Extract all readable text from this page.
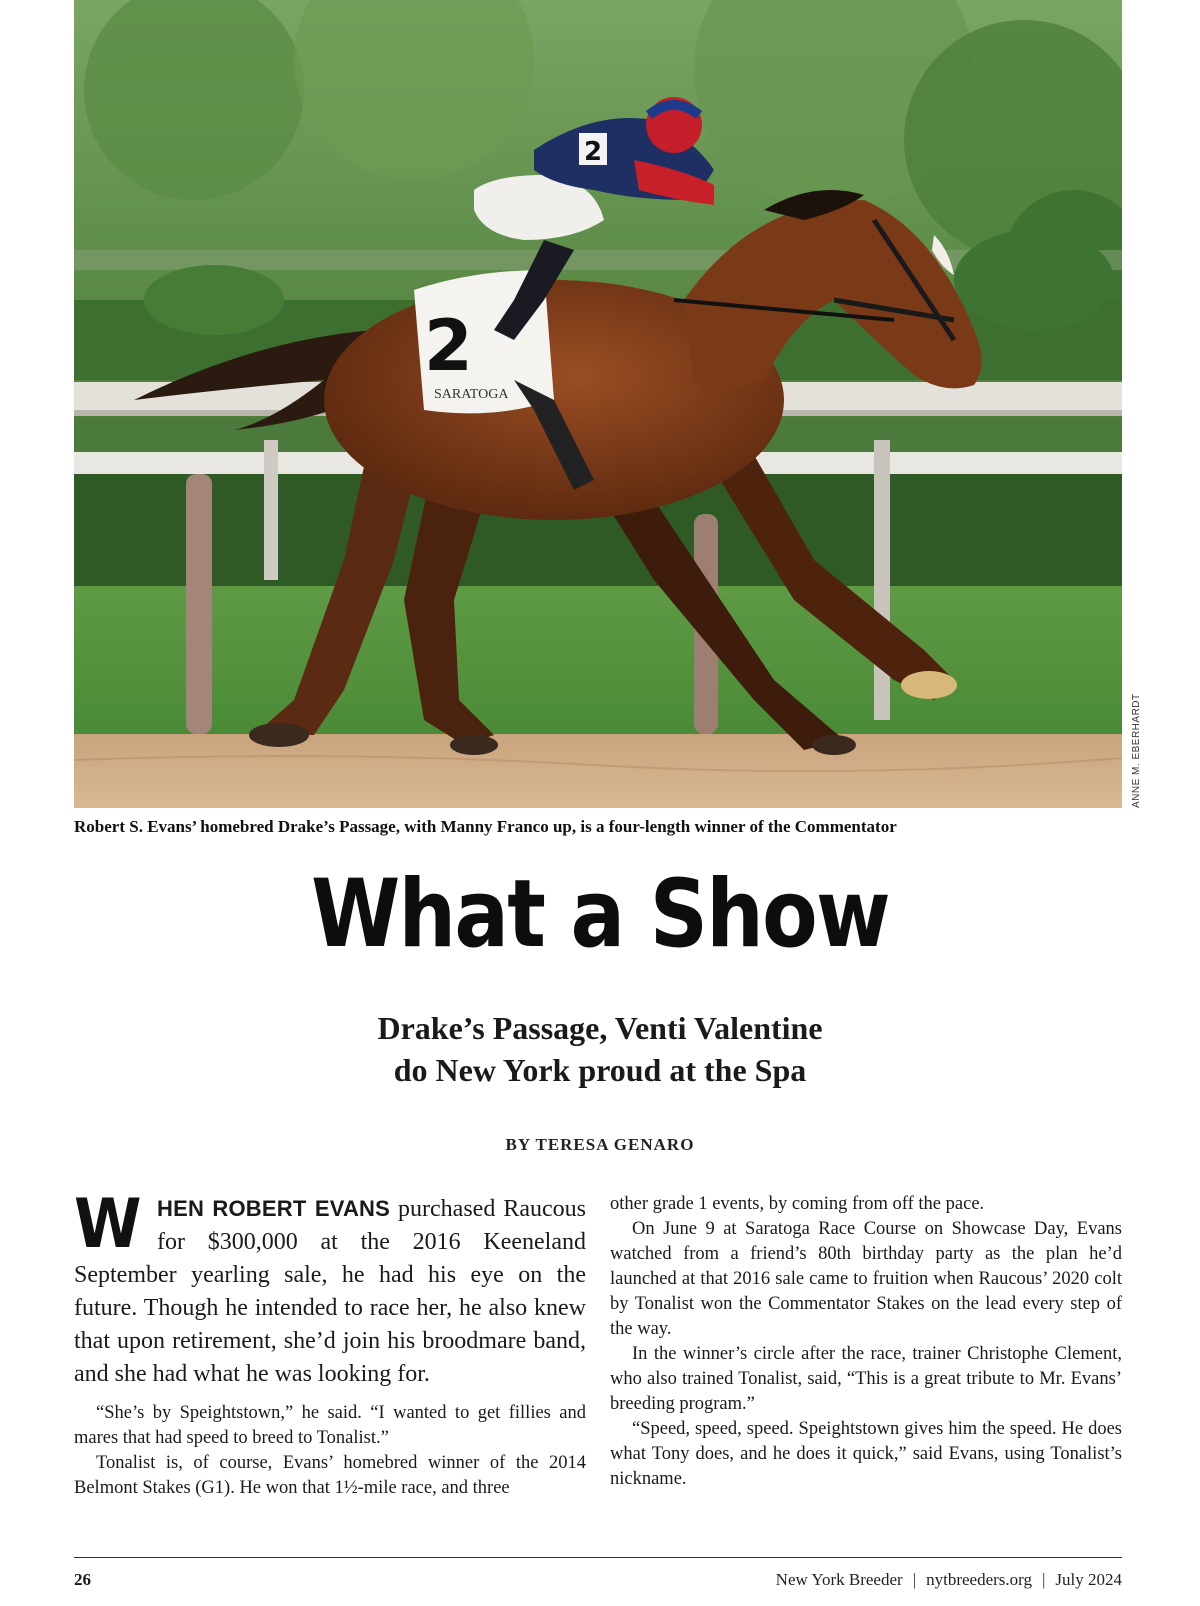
2
SARATOGA
2
ANNE M. EBERHARDT
Robert S. Evans’ homebred Drake’s Passage, with Manny Franco up, is a four-length winner of the Commentator
What a Show
Drake’s Passage, Venti Valentine
do New York proud at the Spa
BY TERESA GENARO

WHEN ROBERT EVANS purchased Raucous for $300,000 at the 2016 Keeneland September yearling sale, he had his eye on the future. Though he intended to race her, he also knew that upon retirement, she’d join his broodmare band, and she had what he was looking for.

“She’s by Speightstown,” he said. “I wanted to get fillies and mares that had speed to breed to Tonalist.”

Tonalist is, of course, Evans’ homebred winner of the 2014 Belmont Stakes (G1). He won that 1½-mile race, and three

other grade 1 events, by coming from off the pace.

On June 9 at Saratoga Race Course on Showcase Day, Evans watched from a friend’s 80th birthday party as the plan he’d launched at that 2016 sale came to fruition when Raucous’ 2020 colt by Tonalist won the Commentator Stakes on the lead every step of the way.

In the winner’s circle after the race, trainer Christophe Clement, who also trained Tonalist, said, “This is a great tribute to Mr. Evans’ breeding program.”

“Speed, speed, speed. Speightstown gives him the speed. He does what Tony does, and he does it quick,” said Evans, using Tonalist’s nickname.

26	New York Breeder | nytbreeders.org | July 2024
